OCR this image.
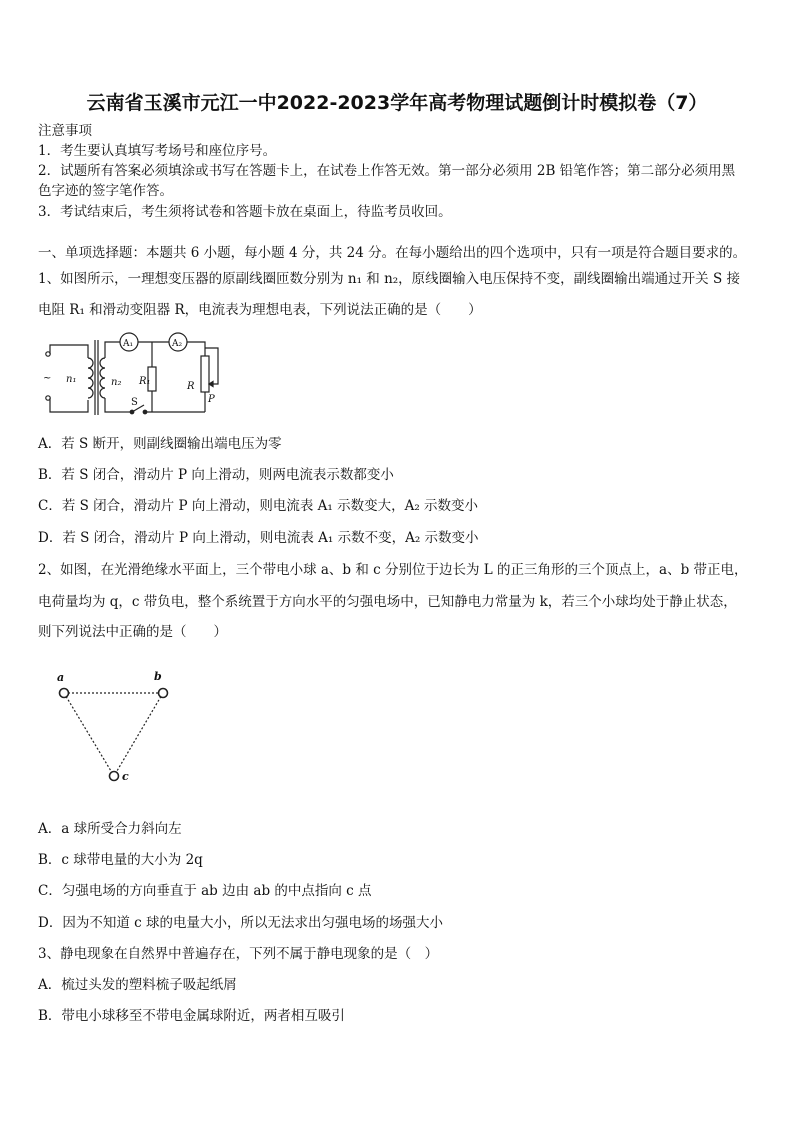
云南省玉溪市元江一中2022-2023学年高考物理试题倒计时模拟卷（7）
注意事项
1．考生要认真填写考场号和座位序号。
2．试题所有答案必须填涂或书写在答题卡上，在试卷上作答无效。第一部分必须用 2B 铅笔作答；第二部分必须用黑
色字迹的签字笔作答。
3．考试结束后，考生须将试卷和答题卡放在桌面上，待监考员收回。
一、单项选择题：本题共 6 小题，每小题 4 分，共 24 分。在每小题给出的四个选项中，只有一项是符合题目要求的。
1、如图所示，一理想变压器的原副线圈匝数分别为 n₁ 和 n₂，原线圈输入电压保持不变，副线圈输出端通过开关 S 接
电阻 R₁ 和滑动变阻器 R，电流表为理想电表，下列说法正确的是（　　）
~ n₁	n₂
A₁	A₂
R₁	R
P
S
A．若 S 断开，则副线圈输出端电压为零
B．若 S 闭合，滑动片 P 向上滑动，则两电流表示数都变小
C．若 S 闭合，滑动片 P 向上滑动，则电流表 A₁ 示数变大，A₂ 示数变小
D．若 S 闭合，滑动片 P 向上滑动，则电流表 A₁ 示数不变，A₂ 示数变小
2、如图，在光滑绝缘水平面上，三个带电小球 a、b 和 c 分别位于边长为 L 的正三角形的三个顶点上，a、b 带正电，
电荷量均为 q，c 带负电，整个系统置于方向水平的匀强电场中，已知静电力常量为 k，若三个小球均处于静止状态，
则下列说法中正确的是（　　）
a	b
c
A．a 球所受合力斜向左
B．c 球带电量的大小为 2q
C．匀强电场的方向垂直于 ab 边由 ab 的中点指向 c 点
D．因为不知道 c 球的电量大小，所以无法求出匀强电场的场强大小
3、静电现象在自然界中普遍存在，下列不属于静电现象的是（　）
A．梳过头发的塑料梳子吸起纸屑
B．带电小球移至不带电金属球附近，两者相互吸引
